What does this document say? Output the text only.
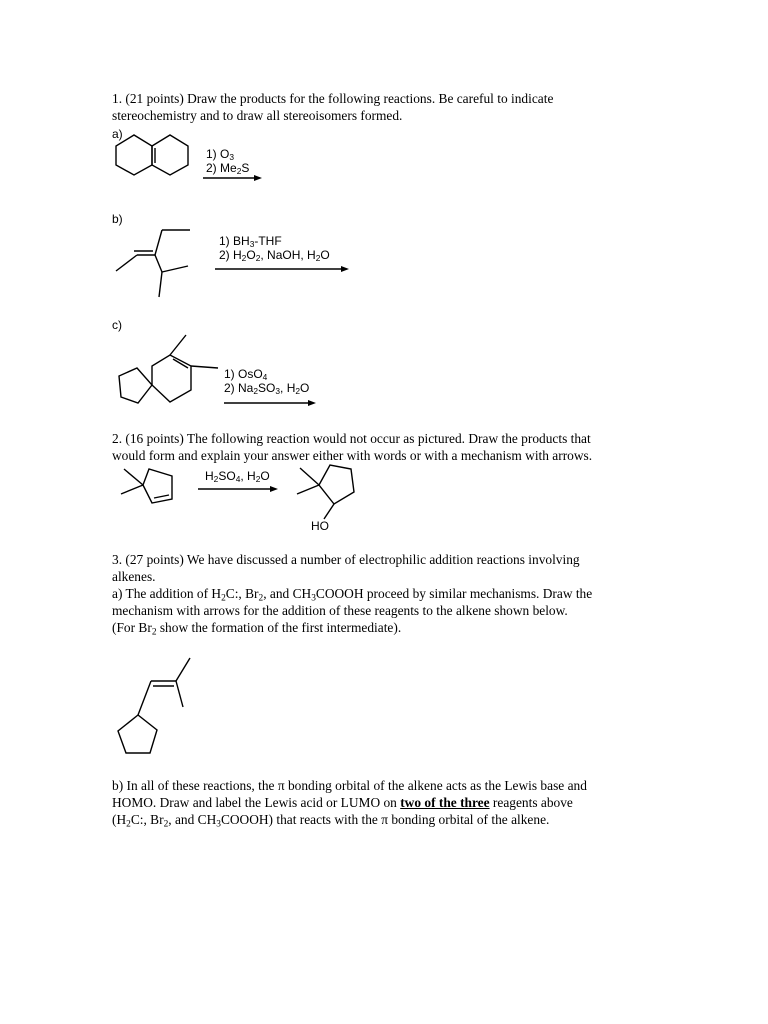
1. (21 points) Draw the products for the following reactions. Be careful to indicate
stereochemistry and to draw all stereoisomers formed.
a)
1) $O_3$
2) $Me_2S$
b)
1) $BH_3$-THF
2) $H_2O_2$, NaOH, $H_2O$
c)
1) OsO$_4$
2) $Na_2SO_3$, $H_2O$
2. (16 points) The following reaction would not occur as pictured. Draw the products that
would form and explain your answer either with words or with a mechanism with arrows.
$H_2SO_4$, $H_2O$
HO
3. (27 points) We have discussed a number of electrophilic addition reactions involving
alkenes.
a) The addition of $H_2C$:, $Br_2$, and $CH_3COOOH$ proceed by similar mechanisms. Draw the
mechanism with arrows for the addition of these reagents to the alkene shown below.
(For $Br_2$ show the formation of the first intermediate).
b) In all of these reactions, the π bonding orbital of the alkene acts as the Lewis base and
HOMO. Draw and label the Lewis acid or LUMO on two of the three reagents above
($H_2C$:, $Br_2$, and $CH_3COOOH$) that reacts with the π bonding orbital of the alkene.
